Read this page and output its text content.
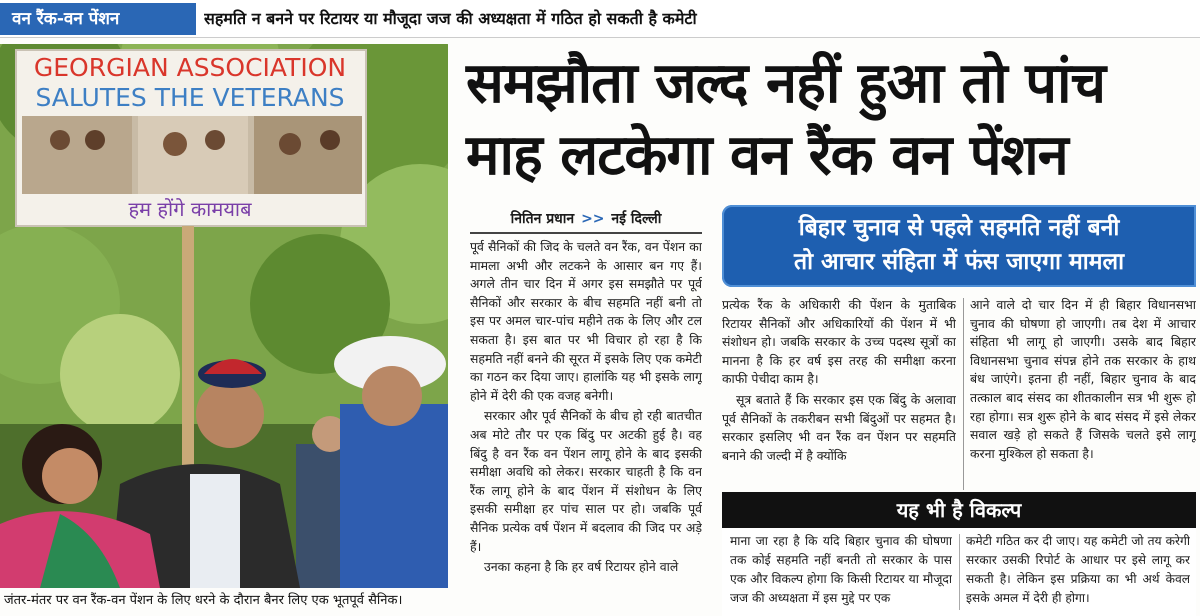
वन रैंक-वन पेंशन	सहमति न बनने पर रिटायर या मौजूदा जज की अध्यक्षता में गठित हो सकती है कमेटी
GEORGIAN ASSOCIATION
SALUTES THE VETERANS
हम होंगे कामयाब
जंतर-मंतर पर वन रैंक-वन पेंशन के लिए धरने के दौरान बैनर लिए एक भूतपूर्व सैनिक।
समझौता जल्द नहीं हुआ तो पांच
माह लटकेगा वन रैंक वन पेंशन
नितिन प्रधान >> नई दिल्ली

पूर्व सैनिकों की जिद के चलते वन रैंक, वन पेंशन का मामला अभी और लटकने के आसार बन गए हैं। अगले तीन चार दिन में अगर इस समझौते पर पूर्व सैनिकों और सरकार के बीच सहमति नहीं बनी तो इस पर अमल चार-पांच महीने तक के लिए और टल सकता है। इस बात पर भी विचार हो रहा है कि सहमति नहीं बनने की सूरत में इसके लिए एक कमेटी का गठन कर दिया जाए। हालांकि यह भी इसके लागू होने में देरी की एक वजह बनेगी।

सरकार और पूर्व सैनिकों के बीच हो रही बातचीत अब मोटे तौर पर एक बिंदु पर अटकी हुई है। वह बिंदु है वन रैंक वन पेंशन लागू होने के बाद इसकी समीक्षा अवधि को लेकर। सरकार चाहती है कि वन रैंक लागू होने के बाद पेंशन में संशोधन के लिए इसकी समीक्षा हर पांच साल पर हो। जबकि पूर्व सैनिक प्रत्येक वर्ष पेंशन में बदलाव की जिद पर अड़े हैं।

उनका कहना है कि हर वर्ष रिटायर होने वाले

बिहार चुनाव से पहले सहमति नहीं बनी
तो आचार संहिता में फंस जाएगा मामला

प्रत्येक रैंक के अधिकारी की पेंशन के मुताबिक रिटायर सैनिकों और अधिकारियों की पेंशन में भी संशोधन हो। जबकि सरकार के उच्च पदस्थ सूत्रों का मानना है कि हर वर्ष इस तरह की समीक्षा करना काफी पेचीदा काम है।

सूत्र बताते हैं कि सरकार इस एक बिंदु के अलावा पूर्व सैनिकों के तकरीबन सभी बिंदुओं पर सहमत है। सरकार इसलिए भी वन रैंक वन पेंशन पर सहमति बनाने की जल्दी में है क्योंकि

आने वाले दो चार दिन में ही बिहार विधानसभा चुनाव की घोषणा हो जाएगी। तब देश में आचार संहिता भी लागू हो जाएगी। उसके बाद बिहार विधानसभा चुनाव संपन्न होने तक सरकार के हाथ बंध जाएंगे। इतना ही नहीं, बिहार चुनाव के बाद तत्काल बाद संसद का शीतकालीन सत्र भी शुरू हो रहा होगा। सत्र शुरू होने के बाद संसद में इसे लेकर सवाल खड़े हो सकते हैं जिसके चलते इसे लागू करना मुश्किल हो सकता है।

यह भी है विकल्प
माना जा रहा है कि यदि बिहार चुनाव की घोषणा तक कोई सहमति नहीं बनती तो सरकार के पास एक और विकल्प होगा कि किसी रिटायर या मौजूदा जज की अध्यक्षता में इस मुद्दे पर एक
कमेटी गठित कर दी जाए। यह कमेटी जो तय करेगी सरकार उसकी रिपोर्ट के आधार पर इसे लागू कर सकती है। लेकिन इस प्रक्रिया का भी अर्थ केवल इसके अमल में देरी ही होगा।
